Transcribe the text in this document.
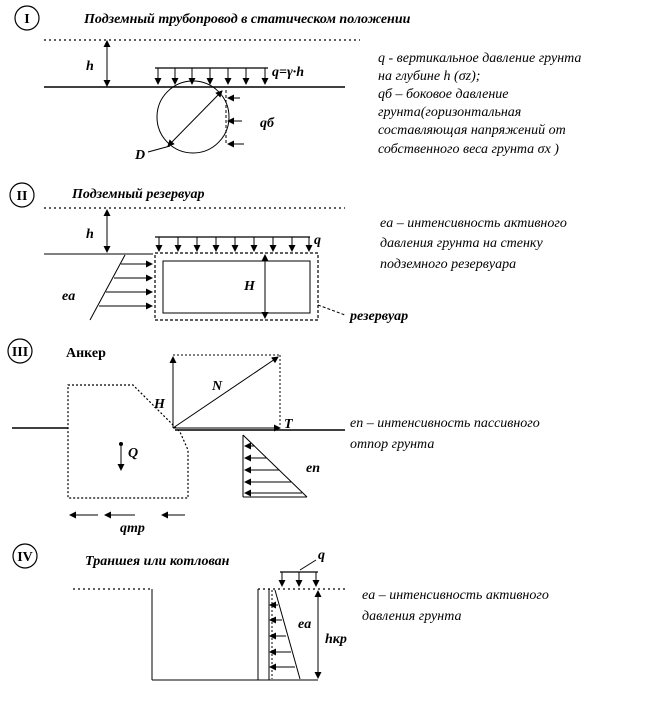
I	Подземный трубопровод в статическом положении
h	q=γ·h
D
qб
q - вертикальное давление грунта
на глубине h (σz);
qб – боковое давление
грунта(горизонтальная
составляющая напряжений от
собственного веса грунта σx )
II	Подземный резервуар
h	q
H
ea
резервуар
ea – интенсивность активного
давления грунта на стенку
подземного резервуара
III	Анкер
N
H
T
Q
eп
qтр
eп – интенсивность пассивного
отпор грунта
IV	Траншея или котлован	q
ea
hкр
ea – интенсивность активного
давления грунта
